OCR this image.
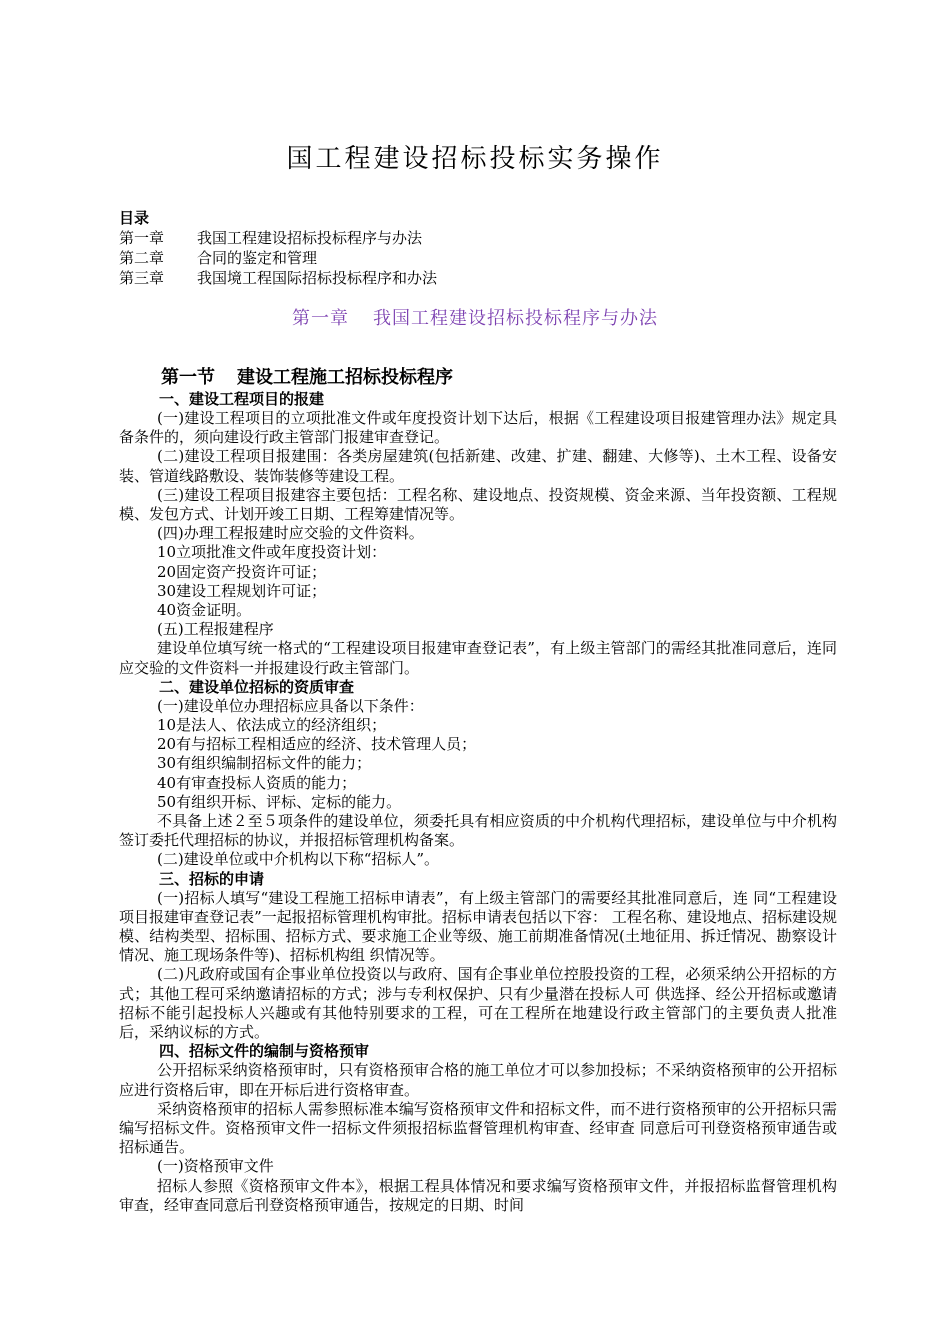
国工程建设招标投标实务操作
目录
第一章 我国工程建设招标投标程序与办法
第二章 合同的鉴定和管理
第三章 我国境工程国际招标投标程序和办法
第一章 我国工程建设招标投标程序与办法
第一节 建设工程施工招标投标程序
一、建设工程项目的报建

(一)建设工程项目的立项批准文件或年度投资计划下达后，根据《工程建设项目报建管理办法》规定具备条件的，须向建设行政主管部门报建审查登记。

(二)建设工程项目报建围：各类房屋建筑(包括新建、改建、扩建、翻建、大修等)、土木工程、设备安装、管道线路敷设、装饰装修等建设工程。

(三)建设工程项目报建容主要包括：工程名称、建设地点、投资规模、资金来源、当年投资额、工程规模、发包方式、计划开竣工日期、工程筹建情况等。

(四)办理工程报建时应交验的文件资料。

10立项批准文件或年度投资计划：

20固定资产投资许可证；

30建设工程规划许可证；

40资金证明。

(五)工程报建程序

建设单位填写统一格式的“工程建设项目报建审查登记表”，有上级主管部门的需经其批准同意后，连同应交验的文件资料一并报建设行政主管部门。

二、建设单位招标的资质审查

(一)建设单位办理招标应具备以下条件：

10是法人、依法成立的经济组织；

20有与招标工程相适应的经济、技术管理人员；

30有组织编制招标文件的能力；

40有审查投标人资质的能力；

50有组织开标、评标、定标的能力。

不具备上述２至５项条件的建设单位，须委托具有相应资质的中介机构代理招标，建设单位与中介机构签订委托代理招标的协议，并报招标管理机构备案。

(二)建设单位或中介机构以下称“招标人”。

三、招标的申请

(一)招标人填写“建设工程施工招标申请表”，有上级主管部门的需要经其批准同意后，连 同“工程建设项目报建审查登记表”一起报招标管理机构审批。招标申请表包括以下容： 工程名称、建设地点、招标建设规模、结构类型、招标围、招标方式、要求施工企业等级、施工前期准备情况(土地征用、拆迁情况、勘察设计情况、施工现场条件等)、招标机构组 织情况等。

(二)凡政府或国有企事业单位投资以与政府、国有企事业单位控股投资的工程，必须采纳公开招标的方式；其他工程可采纳邀请招标的方式；涉与专利权保护、只有少量潜在投标人可 供选择、经公开招标或邀请招标不能引起投标人兴趣或有其他特别要求的工程，可在工程所在地建设行政主管部门的主要负责人批准后，采纳议标的方式。

四、招标文件的编制与资格预审

公开招标采纳资格预审时，只有资格预审合格的施工单位才可以参加投标；不采纳资格预审的公开招标应进行资格后审，即在开标后进行资格审查。

采纳资格预审的招标人需参照标准本编写资格预审文件和招标文件，而不进行资格预审的公开招标只需编写招标文件。资格预审文件一招标文件须报招标监督管理机构审查、经审查 同意后可刊登资格预审通告或招标通告。

(一)资格预审文件

招标人参照《资格预审文件本》，根据工程具体情况和要求编写资格预审文件，并报招标监督管理机构审查，经审查同意后刊登资格预审通告，按规定的日期、时间
